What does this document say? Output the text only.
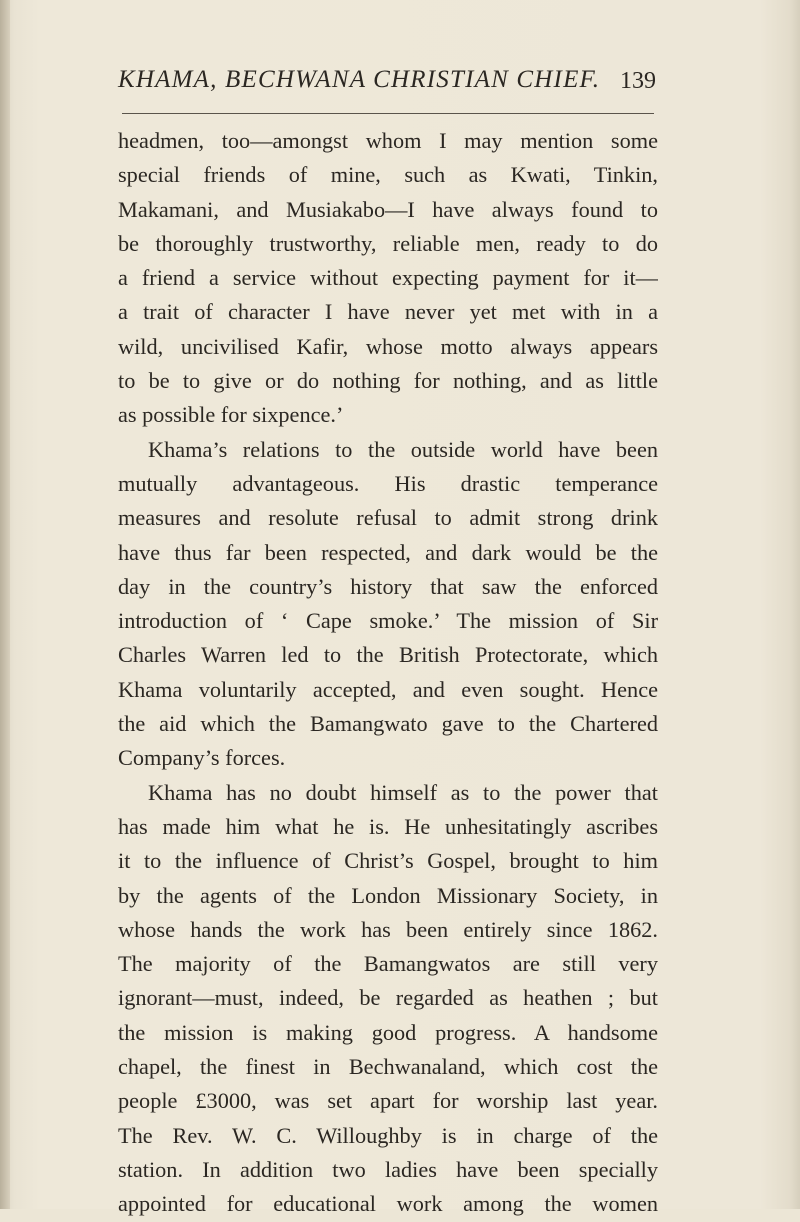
KHAMA, BECHWANA CHRISTIAN CHIEF. 139
headmen, too—amongst whom I may mention some
special friends of mine, such as Kwati, Tinkin,
Makamani, and Musiakabo—I have always found to
be thoroughly trustworthy, reliable men, ready to do
a friend a service without expecting payment for it—
a trait of character I have never yet met with in a
wild, uncivilised Kafir, whose motto always appears
to be to give or do nothing for nothing, and as little
as possible for sixpence.’
Khama’s relations to the outside world have been
mutually advantageous. His drastic temperance
measures and resolute refusal to admit strong drink
have thus far been respected, and dark would be the
day in the country’s history that saw the enforced
introduction of ‘ Cape smoke.’ The mission of Sir
Charles Warren led to the British Protectorate, which
Khama voluntarily accepted, and even sought. Hence
the aid which the Bamangwato gave to the Chartered
Company’s forces.
Khama has no doubt himself as to the power that
has made him what he is. He unhesitatingly ascribes
it to the influence of Christ’s Gospel, brought to him
by the agents of the London Missionary Society, in
whose hands the work has been entirely since 1862.
The majority of the Bamangwatos are still very
ignorant—must, indeed, be regarded as heathen ; but
the mission is making good progress. A handsome
chapel, the finest in Bechwanaland, which cost the
people £3000, was set apart for worship last year.
The Rev. W. C. Willoughby is in charge of the
station. In addition two ladies have been specially
appointed for educational work among the women
